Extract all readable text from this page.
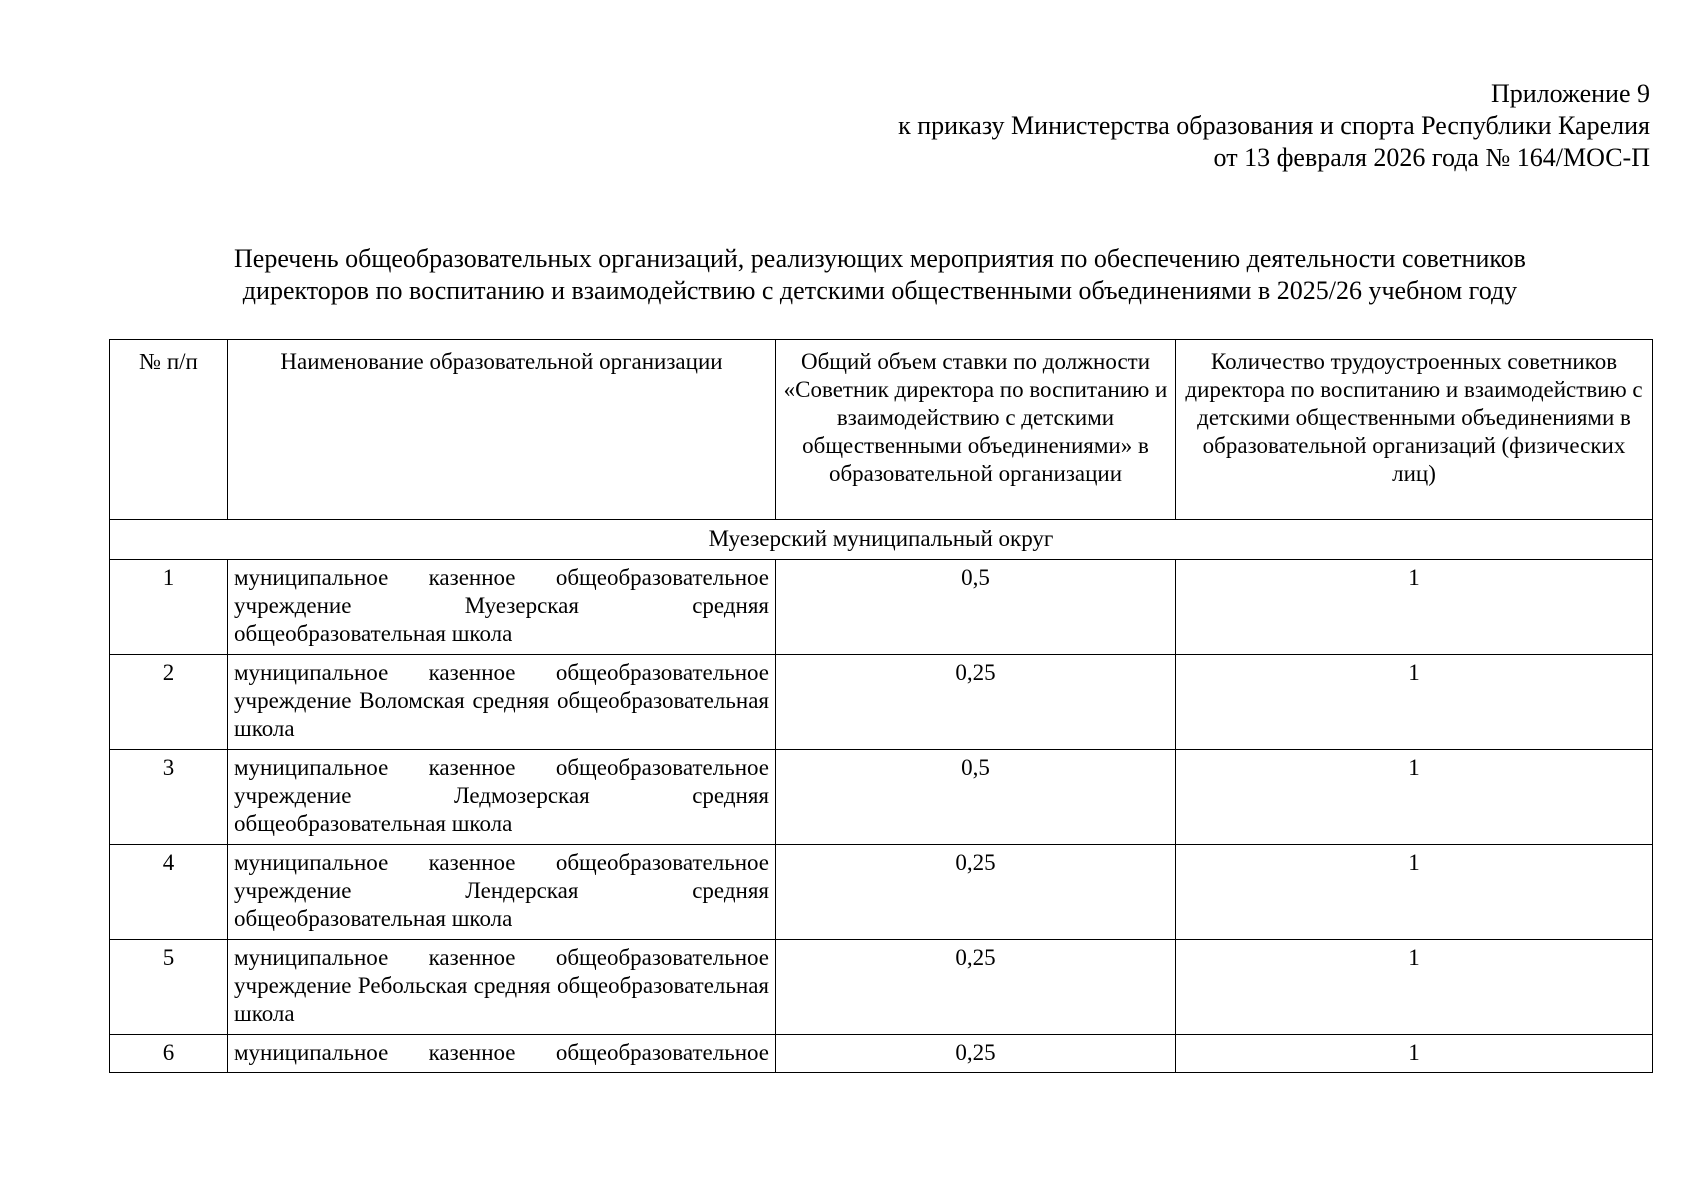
Приложение 9
к приказу Министерства образования и спорта Республики Карелия
от 13 февраля 2026 года № 164/МОС-П
Перечень общеобразовательных организаций, реализующих мероприятия по обеспечению деятельности советников
директоров по воспитанию и взаимодействию с детскими общественными объединениями в 2025/26 учебном году
№ п/п	Наименование образовательной организации	Общий объем ставки по должности «Советник директора по воспитанию и взаимодействию с детскими общественными объединениями» в образовательной организации	Количество трудоустроенных советников директора по воспитанию и взаимодействию с детскими общественными объединениями в образовательной организаций (физических лиц)
Муезерский муниципальный округ			
1	муниципальное казенное общеобразовательное учреждение Муезерская средняя общеобразовательная школа	0,5	1
2	муниципальное казенное общеобразовательное учреждение Воломская средняя общеобразовательная школа	0,25	1
3	муниципальное казенное общеобразовательное учреждение Ледмозерская средняя общеобразовательная школа	0,5	1
4	муниципальное казенное общеобразовательное учреждение Лендерская средняя общеобразовательная школа	0,25	1
5	муниципальное казенное общеобразовательное учреждение Ребольская средняя общеобразовательная школа	0,25	1
6	муниципальное казенное общеобразовательное	0,25	1
